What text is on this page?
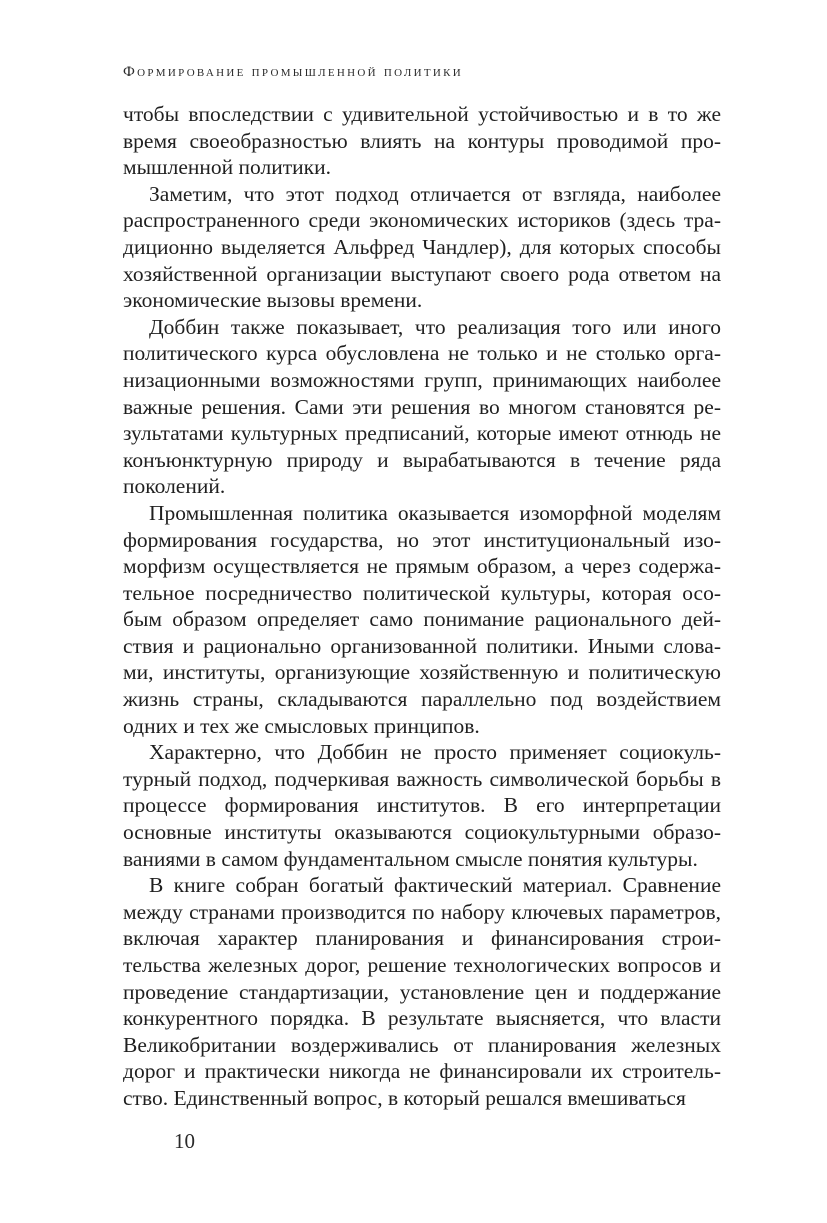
Формирование промышленной политики

чтобы впоследствии с удивительной устойчивостью и в то же время своеобразностью влиять на контуры проводимой промышленной политики.

Заметим, что этот подход отличается от взгляда, наиболее распространенного среди экономических историков (здесь традиционно выделяется Альфред Чандлер), для которых способы хозяйственной организации выступают своего рода ответом на экономические вызовы времени.

Доббин также показывает, что реализация того или иного политического курса обусловлена не только и не столько организационными возможностями групп, принимающих наиболее важные решения. Сами эти решения во многом становятся результатами культурных предписаний, которые имеют отнюдь не конъюнктурную природу и вырабатываются в течение ряда поколений.

Промышленная политика оказывается изоморфной моделям формирования государства, но этот институциональный изоморфизм осуществляется не прямым образом, а через содержательное посредничество политической культуры, которая особым образом определяет само понимание рационального действия и рационально организованной политики. Иными словами, институты, организующие хозяйственную и политическую жизнь страны, складываются параллельно под воздействием одних и тех же смысловых принципов.

Характерно, что Доббин не просто применяет социокультурный подход, подчеркивая важность символической борьбы в процессе формирования институтов. В его интерпретации основные институты оказываются социокультурными образованиями в самом фундаментальном смысле понятия культуры.

В книге собран богатый фактический материал. Сравнение между странами производится по набору ключевых параметров, включая характер планирования и финансирования строительства железных дорог, решение технологических вопросов и проведение стандартизации, установление цен и поддержание конкурентного порядка. В результате выясняется, что власти Великобритании воздерживались от планирования железных дорог и практически никогда не финансировали их строительство. Единственный вопрос, в который решался вмешиваться

10
